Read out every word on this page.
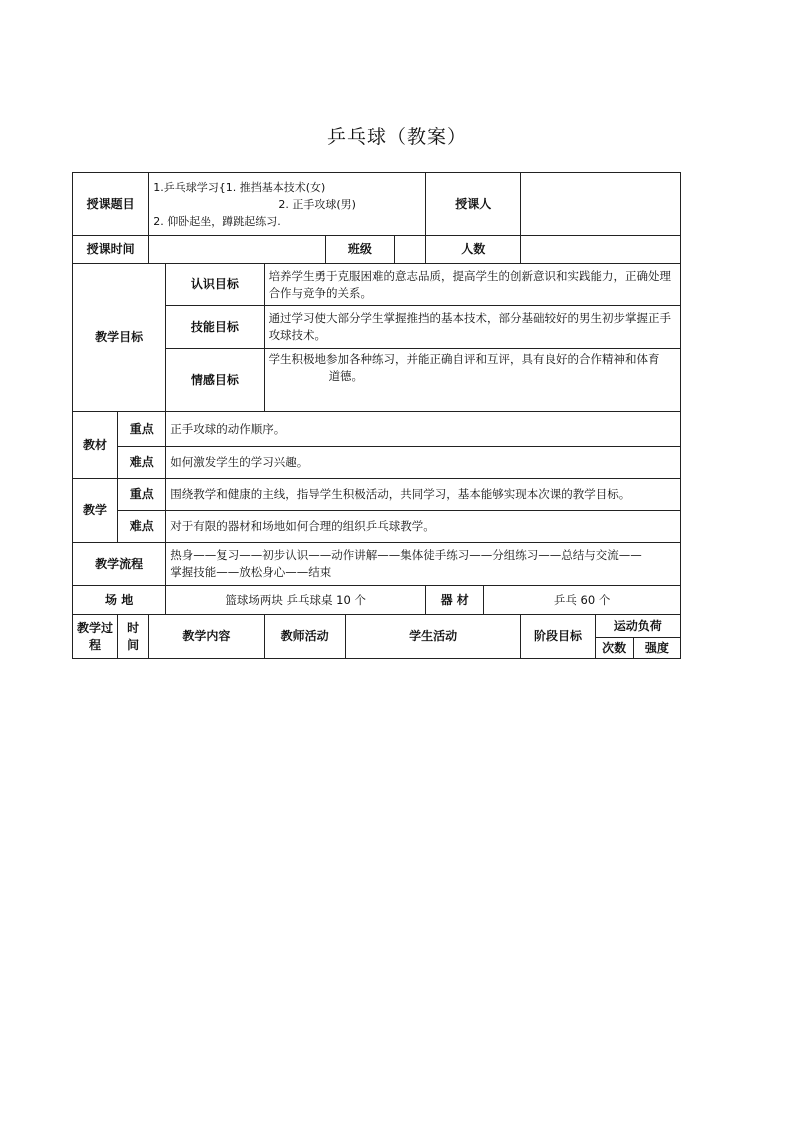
乒乓球（教案）
授课题目		1.乒乓球学习{1. 推挡基本技术(女)
2. 正手攻球(男)
2. 仰卧起坐，蹲跳起练习.						授课人				
授课时间					班级			人数				
教学目标			认识目标	培养学生勇于克服困难的意志品质，提高学生的创新意识和实践能力，正确处理合作与竞争的关系。								
			技能目标	通过学习使大部分学生掌握推挡的基本技术，部分基础较好的男生初步掌握正手攻球技术。								
			情感目标	学生积极地参加各种练习，并能正确自评和互评，具有良好的合作精神和体育
道德。								

教材	重点		正手攻球的动作顺序。									
	难点		如何激发学生的学习兴趣。									
教学	重点		围绕教学和健康的主线，指导学生积极活动，共同学习，基本能够实现本次课的教学目标。									
	难点		对于有限的器材和场地如何合理的组织乒乓球教学。									
教学流程			热身——复习——初步认识——动作讲解——集体徒手练习——分组练习——总结与交流——
掌握技能——放松身心——结束									

场 地			篮球场两块 乒乓球桌 10 个					器 材	乒乓 60 个			
教学过程	时间	教学内容		教师活动		学生活动				阶段目标	运动负荷	
											次数	强度
